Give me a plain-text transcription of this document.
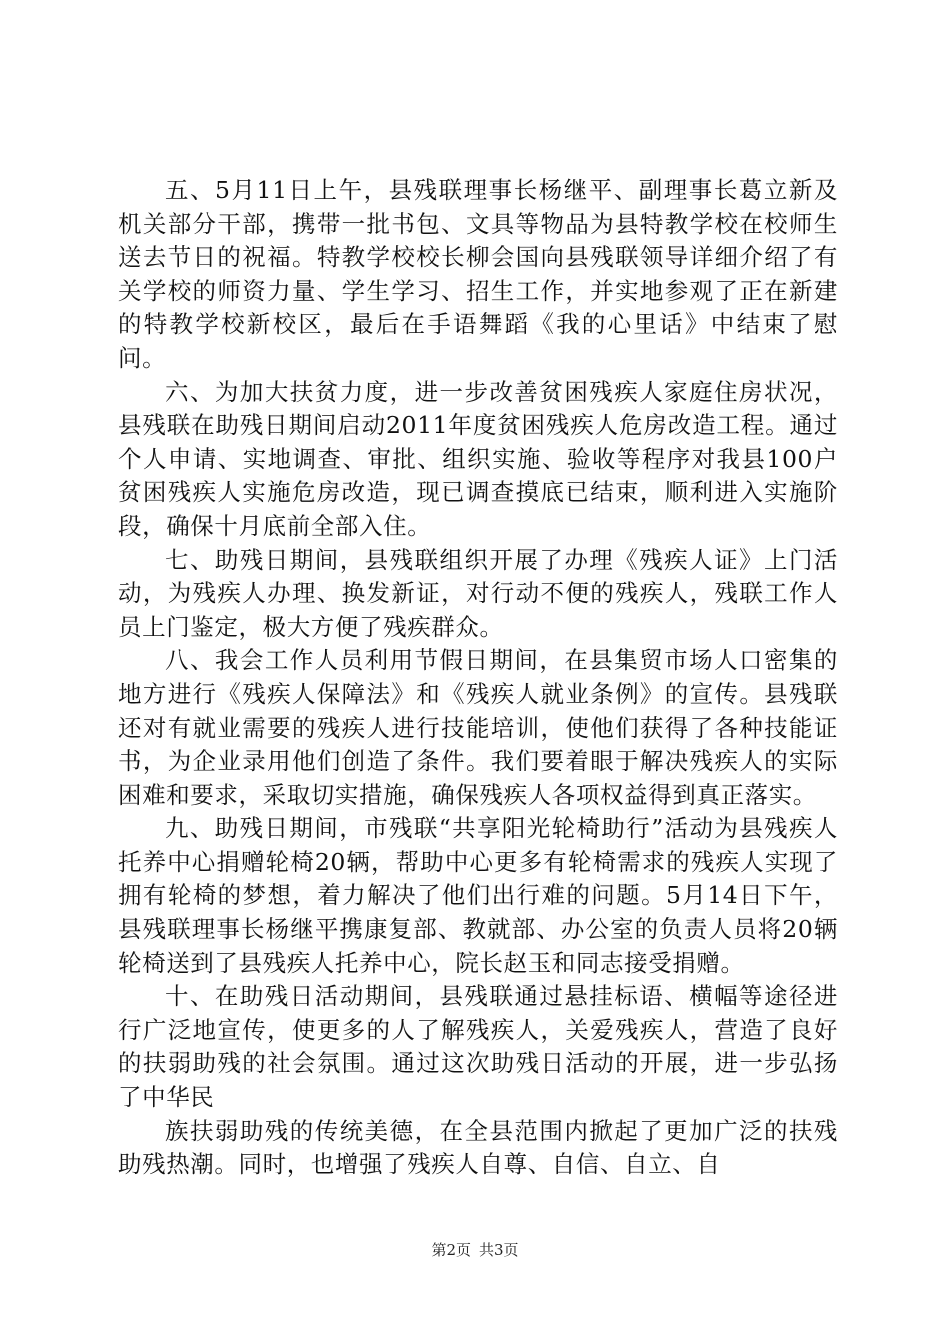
五、5月11日上午，县残联理事长杨继平、副理事长葛立新及机关部分干部，携带一批书包、文具等物品为县特教学校在校师生送去节日的祝福。特教学校校长柳会国向县残联领导详细介绍了有关学校的师资力量、学生学习、招生工作，并实地参观了正在新建的特教学校新校区，最后在手语舞蹈《我的心里话》中结束了慰问。

六、为加大扶贫力度，进一步改善贫困残疾人家庭住房状况，县残联在助残日期间启动2011年度贫困残疾人危房改造工程。通过个人申请、实地调查、审批、组织实施、验收等程序对我县100户贫困残疾人实施危房改造，现已调查摸底已结束，顺利进入实施阶段，确保十月底前全部入住。

七、助残日期间，县残联组织开展了办理《残疾人证》上门活动，为残疾人办理、换发新证，对行动不便的残疾人，残联工作人员上门鉴定，极大方便了残疾群众。

八、我会工作人员利用节假日期间，在县集贸市场人口密集的地方进行《残疾人保障法》和《残疾人就业条例》的宣传。县残联还对有就业需要的残疾人进行技能培训，使他们获得了各种技能证书，为企业录用他们创造了条件。我们要着眼于解决残疾人的实际困难和要求，采取切实措施，确保残疾人各项权益得到真正落实。

九、助残日期间，市残联“共享阳光轮椅助行”活动为县残疾人托养中心捐赠轮椅20辆，帮助中心更多有轮椅需求的残疾人实现了拥有轮椅的梦想，着力解决了他们出行难的问题。5月14日下午，县残联理事长杨继平携康复部、教就部、办公室的负责人员将20辆轮椅送到了县残疾人托养中心，院长赵玉和同志接受捐赠。

十、在助残日活动期间，县残联通过悬挂标语、横幅等途径进行广泛地宣传，使更多的人了解残疾人，关爱残疾人，营造了良好的扶弱助残的社会氛围。通过这次助残日活动的开展，进一步弘扬了中华民

族扶弱助残的传统美德，在全县范围内掀起了更加广泛的扶残助残热潮。同时，也增强了残疾人自尊、自信、自立、自

第2页 共3页
